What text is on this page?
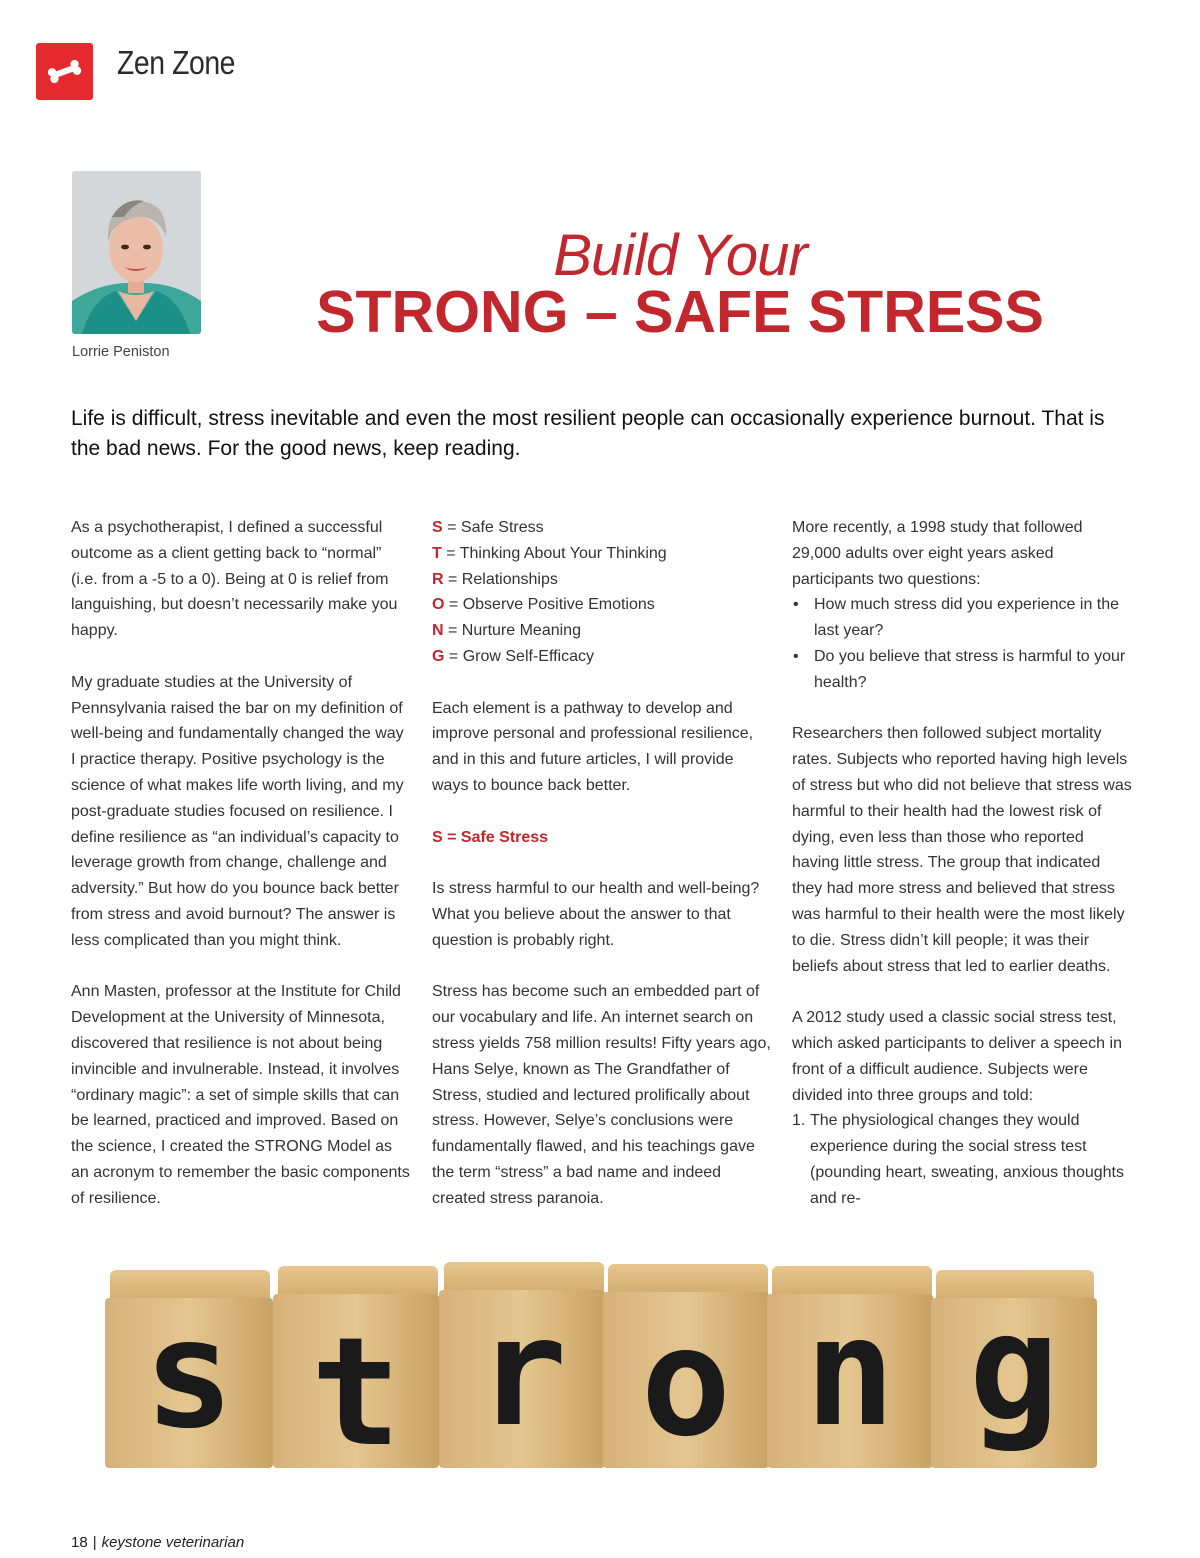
Zen Zone
Lorrie Peniston
Build Your
STRONG – SAFE STRESS
Life is difficult, stress inevitable and even the most resilient people can occasionally experience burnout. That is the bad news. For the good news, keep reading.

As a psychotherapist, I defined a successful outcome as a client getting back to “normal” (i.e. from a -5 to a 0). Being at 0 is relief from languishing, but doesn’t necessarily make you happy.

My graduate studies at the University of Pennsylvania raised the bar on my definition of well-being and fundamentally changed the way I practice therapy. Positive psychology is the science of what makes life worth living, and my post-graduate studies focused on resilience. I define resilience as “an individual’s capacity to leverage growth from change, challenge and adversity.” But how do you bounce back better from stress and avoid burnout? The answer is less complicated than you might think.

Ann Masten, professor at the Institute for Child Development at the University of Minnesota, discovered that resilience is not about being invincible and invulnerable. Instead, it involves “ordinary magic”: a set of simple skills that can be learned, practiced and improved. Based on the science, I created the STRONG Model as an acronym to remember the basic components of resilience.

S = Safe Stress
T = Thinking About Your Thinking
R = Relationships
O = Observe Positive Emotions
N = Nurture Meaning
G = Grow Self-Efficacy

Each element is a pathway to develop and improve personal and professional resilience, and in this and future articles, I will provide ways to bounce back better.

S = Safe Stress

Is stress harmful to our health and well-being? What you believe about the answer to that question is probably right.

Stress has become such an embedded part of our vocabulary and life. An internet search on stress yields 758 million results! Fifty years ago, Hans Selye, known as The Grandfather of Stress, studied and lectured prolifically about stress. However, Selye’s conclusions were fundamentally flawed, and his teachings gave the term “stress” a bad name and indeed created stress paranoia.

More recently, a 1998 study that followed 29,000 adults over eight years asked participants two questions:

• How much stress did you experience in the last year?
• Do you believe that stress is harmful to your health?

Researchers then followed subject mortality rates. Subjects who reported having high levels of stress but who did not believe that stress was harmful to their health had the lowest risk of dying, even less than those who reported having little stress. The group that indicated they had more stress and believed that stress was harmful to their health were the most likely to die. Stress didn’t kill people; it was their beliefs about stress that led to earlier deaths.

A 2012 study used a classic social stress test, which asked participants to deliver a speech in front of a difficult audience. Subjects were divided into three groups and told:

1. The physiological changes they would experience during the social stress test (pounding heart, sweating, anxious thoughts and re-
s t r o n g
18 | keystone veterinarian
